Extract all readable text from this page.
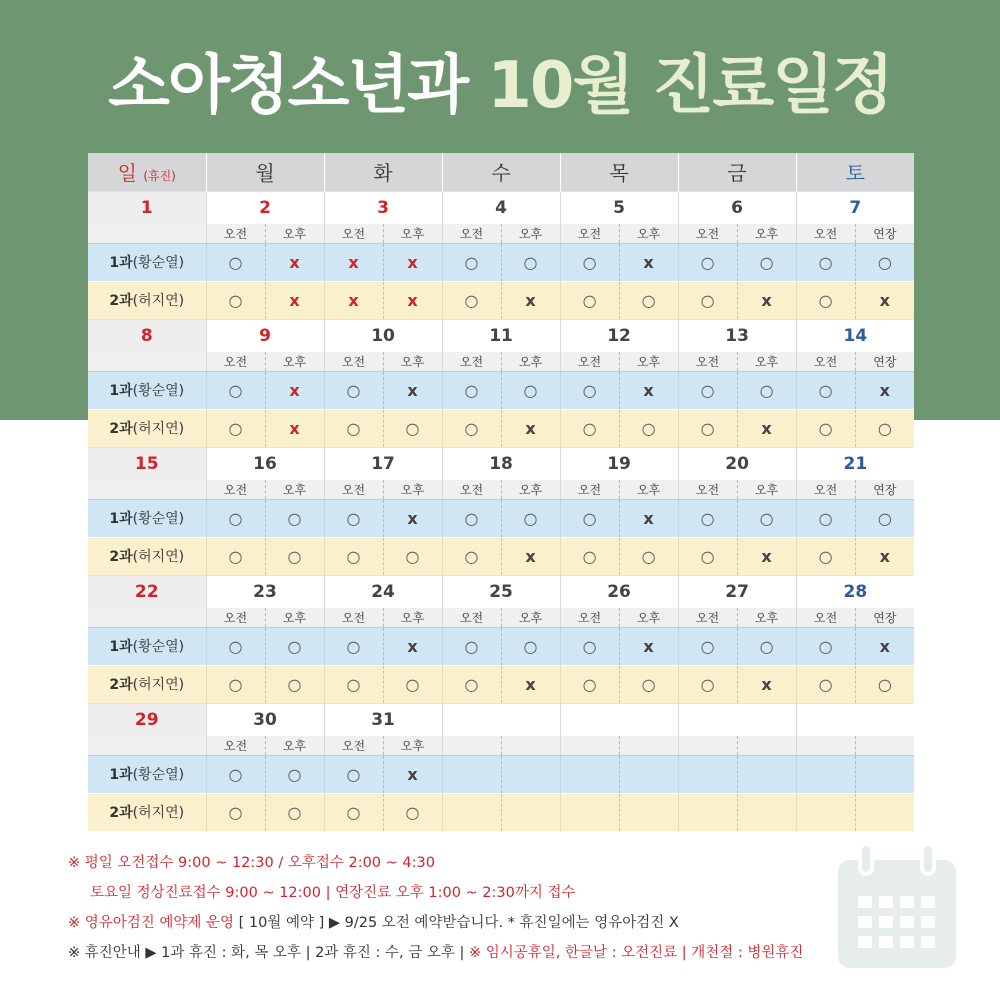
소아청소년과 10월 진료일정
일 (휴진)	월		화		수		목		금		토	
1	2		3		4		5		6		7	
	오전	오후	오전	오후	오전	오후	오전	오후	오전	오후	오전	연장
1과(황순열)	○	x	x	x	○	○	○	x	○	○	○	○
2과(허지연)	○	x	x	x	○	x	○	○	○	x	○	x
8	9		10		11		12		13		14	
	오전	오후	오전	오후	오전	오후	오전	오후	오전	오후	오전	연장
1과(황순열)	○	x	○	x	○	○	○	x	○	○	○	x
2과(허지연)	○	x	○	○	○	x	○	○	○	x	○	○
15	16		17		18		19		20		21	
	오전	오후	오전	오후	오전	오후	오전	오후	오전	오후	오전	연장
1과(황순열)	○	○	○	x	○	○	○	x	○	○	○	○
2과(허지연)	○	○	○	○	○	x	○	○	○	x	○	x
22	23		24		25		26		27		28	
	오전	오후	오전	오후	오전	오후	오전	오후	오전	오후	오전	연장
1과(황순열)	○	○	○	x	○	○	○	x	○	○	○	x
2과(허지연)	○	○	○	○	○	x	○	○	○	x	○	○
29	30		31									
	오전	오후	오전	오후								
1과(황순열)	○	○	○	x								
2과(허지연)	○	○	○	○								
※ 평일 오전접수 9:00 ~ 12:30 / 오후접수 2:00 ~ 4:30
토요일 정상진료접수 9:00 ~ 12:00 | 연장진료 오후 1:00 ~ 2:30까지 접수
※ 영유아검진 예약제 운영 [ 10월 예약 ] ▶ 9/25 오전 예약받습니다. * 휴진일에는 영유아검진 X
※ 휴진안내 ▶ 1과 휴진 : 화, 목 오후 | 2과 휴진 : 수, 금 오후 | ※ 임시공휴일, 한글날 : 오전진료 | 개천절 : 병원휴진
